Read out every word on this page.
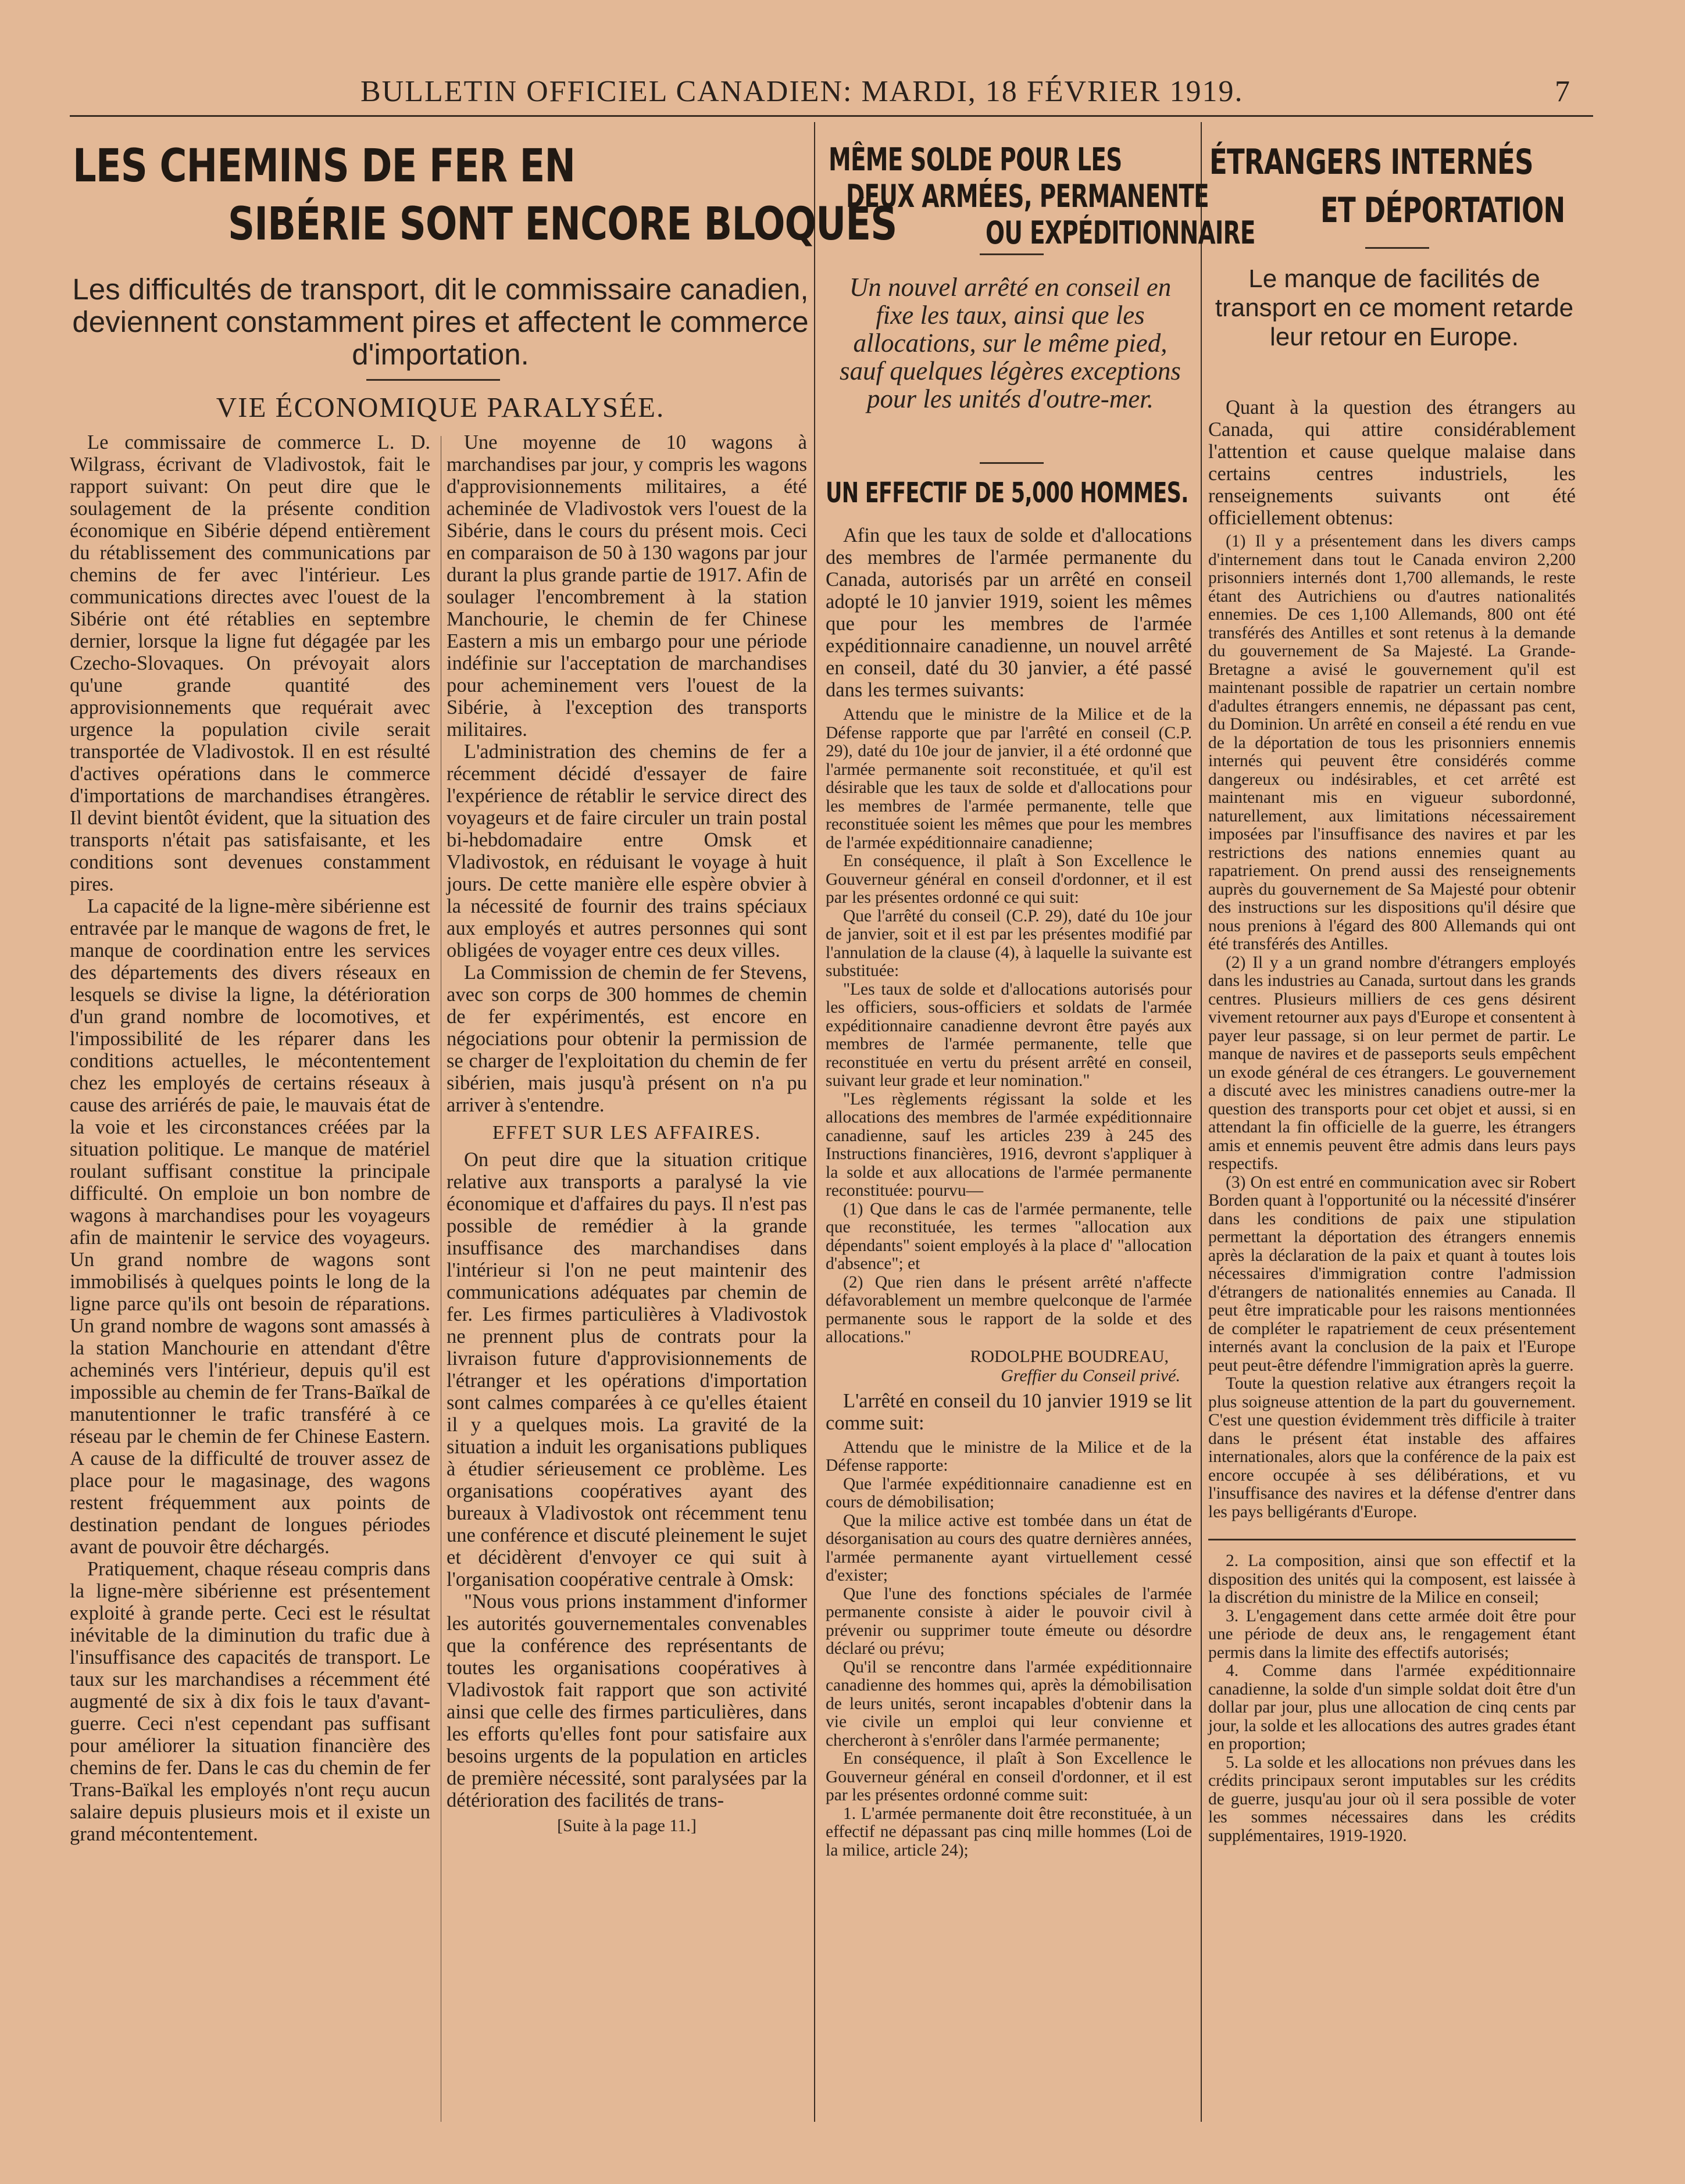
BULLETIN OFFICIEL CANADIEN: MARDI, 18 FÉVRIER 1919.	7
LES CHEMINS DE FER EN
SIBÉRIE SONT ENCORE BLOQUÉS
Les difficultés de transport, dit le commissaire canadien, deviennent constamment pires et affectent le commerce d'importation.
VIE ÉCONOMIQUE PARALYSÉE.

Le commissaire de commerce L. D. Wilgrass, écrivant de Vladivostok, fait le rapport suivant: On peut dire que le soulagement de la présente condition économique en Sibérie dépend entièrement du rétablissement des communications par chemins de fer avec l'intérieur. Les communications directes avec l'ouest de la Sibérie ont été rétablies en septembre dernier, lorsque la ligne fut dégagée par les Czecho-Slovaques. On prévoyait alors qu'une grande quantité des approvisionnements que requérait avec urgence la population civile serait transportée de Vladivostok. Il en est résulté d'actives opérations dans le commerce d'importations de marchandises étrangères. Il devint bientôt évident, que la situation des transports n'était pas satisfaisante, et les conditions sont devenues constamment pires.

La capacité de la ligne-mère sibérienne est entravée par le manque de wagons de fret, le manque de coordination entre les services des départements des divers réseaux en lesquels se divise la ligne, la détérioration d'un grand nombre de locomotives, et l'impossibilité de les réparer dans les conditions actuelles, le mécontentement chez les employés de certains réseaux à cause des arriérés de paie, le mauvais état de la voie et les circonstances créées par la situation politique. Le manque de matériel roulant suffisant constitue la principale difficulté. On emploie un bon nombre de wagons à marchandises pour les voyageurs afin de maintenir le service des voyageurs. Un grand nombre de wagons sont immobilisés à quelques points le long de la ligne parce qu'ils ont besoin de réparations. Un grand nombre de wagons sont amassés à la station Manchourie en attendant d'être acheminés vers l'intérieur, depuis qu'il est impossible au chemin de fer Trans-Baïkal de manutentionner le trafic transféré à ce réseau par le chemin de fer Chinese Eastern. A cause de la difficulté de trouver assez de place pour le magasinage, des wagons restent fréquemment aux points de destination pendant de longues périodes avant de pouvoir être déchargés.

Pratiquement, chaque réseau compris dans la ligne-mère sibérienne est présentement exploité à grande perte. Ceci est le résultat inévitable de la diminution du trafic due à l'insuffisance des capacités de transport. Le taux sur les marchandises a récemment été augmenté de six à dix fois le taux d'avant-guerre. Ceci n'est cependant pas suffisant pour améliorer la situation financière des chemins de fer. Dans le cas du chemin de fer Trans-Baïkal les employés n'ont reçu aucun salaire depuis plusieurs mois et il existe un grand mécontentement.

Une moyenne de 10 wagons à marchandises par jour, y compris les wagons d'approvisionnements militaires, a été acheminée de Vladivostok vers l'ouest de la Sibérie, dans le cours du présent mois. Ceci en comparaison de 50 à 130 wagons par jour durant la plus grande partie de 1917. Afin de soulager l'encombrement à la station Manchourie, le chemin de fer Chinese Eastern a mis un embargo pour une période indéfinie sur l'acceptation de marchandises pour acheminement vers l'ouest de la Sibérie, à l'exception des transports militaires.

L'administration des chemins de fer a récemment décidé d'essayer de faire l'expérience de rétablir le service direct des voyageurs et de faire circuler un train postal bi-hebdomadaire entre Omsk et Vladivostok, en réduisant le voyage à huit jours. De cette manière elle espère obvier à la nécessité de fournir des trains spéciaux aux employés et autres personnes qui sont obligées de voyager entre ces deux villes.

La Commission de chemin de fer Stevens, avec son corps de 300 hommes de chemin de fer expérimentés, est encore en négociations pour obtenir la permission de se charger de l'exploitation du chemin de fer sibérien, mais jusqu'à présent on n'a pu arriver à s'entendre.

EFFET SUR LES AFFAIRES.

On peut dire que la situation critique relative aux transports a paralysé la vie économique et d'affaires du pays. Il n'est pas possible de remédier à la grande insuffisance des marchandises dans l'intérieur si l'on ne peut maintenir des communications adéquates par chemin de fer. Les firmes particulières à Vladivostok ne prennent plus de contrats pour la livraison future d'approvisionnements de l'étranger et les opérations d'importation sont calmes comparées à ce qu'elles étaient il y a quelques mois. La gravité de la situation a induit les organisations publiques à étudier sérieusement ce problème. Les organisations coopératives ayant des bureaux à Vladivostok ont récemment tenu une conférence et discuté pleinement le sujet et décidèrent d'envoyer ce qui suit à l'organisation coopérative centrale à Omsk:

"Nous vous prions instamment d'informer les autorités gouvernementales convenables que la conférence des représentants de toutes les organisations coopératives à Vladivostok fait rapport que son activité ainsi que celle des firmes particulières, dans les efforts qu'elles font pour satisfaire aux besoins urgents de la population en articles de première nécessité, sont paralysées par la détérioration des facilités de trans-

[Suite à la page 11.]
MÊME SOLDE POUR LES
DEUX ARMÉES, PERMANENTE
OU EXPÉDITIONNAIRE
Un nouvel arrêté en conseil en fixe les taux, ainsi que les allocations, sur le même pied, sauf quelques légères exceptions pour les unités d'outre-mer.
UN EFFECTIF DE 5,000 HOMMES.

Afin que les taux de solde et d'allocations des membres de l'armée permanente du Canada, autorisés par un arrêté en conseil adopté le 10 janvier 1919, soient les mêmes que pour les membres de l'armée expéditionnaire canadienne, un nouvel arrêté en conseil, daté du 30 janvier, a été passé dans les termes suivants:

Attendu que le ministre de la Milice et de la Défense rapporte que par l'arrêté en conseil (C.P. 29), daté du 10e jour de janvier, il a été ordonné que l'armée permanente soit reconstituée, et qu'il est désirable que les taux de solde et d'allocations pour les membres de l'armée permanente, telle que reconstituée soient les mêmes que pour les membres de l'armée expéditionnaire canadienne;

En conséquence, il plaît à Son Excellence le Gouverneur général en conseil d'ordonner, et il est par les présentes ordonné ce qui suit:

Que l'arrêté du conseil (C.P. 29), daté du 10e jour de janvier, soit et il est par les présentes modifié par l'annulation de la clause (4), à laquelle la suivante est substituée:

"Les taux de solde et d'allocations autorisés pour les officiers, sous-officiers et soldats de l'armée expéditionnaire canadienne devront être payés aux membres de l'armée permanente, telle que reconstituée en vertu du présent arrêté en conseil, suivant leur grade et leur nomination."

"Les règlements régissant la solde et les allocations des membres de l'armée expéditionnaire canadienne, sauf les articles 239 à 245 des Instructions financières, 1916, devront s'appliquer à la solde et aux allocations de l'armée permanente reconstituée: pourvu—

(1) Que dans le cas de l'armée permanente, telle que reconstituée, les termes "allocation aux dépendants" soient employés à la place d' "allocation d'absence"; et

(2) Que rien dans le présent arrêté n'affecte défavorablement un membre quelconque de l'armée permanente sous le rapport de la solde et des allocations."

RODOLPHE BOUDREAU,
Greffier du Conseil privé.

L'arrêté en conseil du 10 janvier 1919 se lit comme suit:

Attendu que le ministre de la Milice et de la Défense rapporte:

Que l'armée expéditionnaire canadienne est en cours de démobilisation;

Que la milice active est tombée dans un état de désorganisation au cours des quatre dernières années, l'armée permanente ayant virtuellement cessé d'exister;

Que l'une des fonctions spéciales de l'armée permanente consiste à aider le pouvoir civil à prévenir ou supprimer toute émeute ou désordre déclaré ou prévu;

Qu'il se rencontre dans l'armée expéditionnaire canadienne des hommes qui, après la démobilisation de leurs unités, seront incapables d'obtenir dans la vie civile un emploi qui leur convienne et chercheront à s'enrôler dans l'armée permanente;

En conséquence, il plaît à Son Excellence le Gouverneur général en conseil d'ordonner, et il est par les présentes ordonné comme suit:

1. L'armée permanente doit être reconstituée, à un effectif ne dépassant pas cinq mille hommes (Loi de la milice, article 24);

ÉTRANGERS INTERNÉS
ET DÉPORTATION
Le manque de facilités de transport en ce moment retarde leur retour en Europe.

Quant à la question des étrangers au Canada, qui attire considérablement l'attention et cause quelque malaise dans certains centres industriels, les renseignements suivants ont été officiellement obtenus:

(1) Il y a présentement dans les divers camps d'internement dans tout le Canada environ 2,200 prisonniers internés dont 1,700 allemands, le reste étant des Autrichiens ou d'autres nationalités ennemies. De ces 1,100 Allemands, 800 ont été transférés des Antilles et sont retenus à la demande du gouvernement de Sa Majesté. La Grande-Bretagne a avisé le gouvernement qu'il est maintenant possible de rapatrier un certain nombre d'adultes étrangers ennemis, ne dépassant pas cent, du Dominion. Un arrêté en conseil a été rendu en vue de la déportation de tous les prisonniers ennemis internés qui peuvent être considérés comme dangereux ou indésirables, et cet arrêté est maintenant mis en vigueur subordonné, naturellement, aux limitations nécessairement imposées par l'insuffisance des navires et par les restrictions des nations ennemies quant au rapatriement. On prend aussi des renseignements auprès du gouvernement de Sa Majesté pour obtenir des instructions sur les dispositions qu'il désire que nous prenions à l'égard des 800 Allemands qui ont été transférés des Antilles.

(2) Il y a un grand nombre d'étrangers employés dans les industries au Canada, surtout dans les grands centres. Plusieurs milliers de ces gens désirent vivement retourner aux pays d'Europe et consentent à payer leur passage, si on leur permet de partir. Le manque de navires et de passeports seuls empêchent un exode général de ces étrangers. Le gouvernement a discuté avec les ministres canadiens outre-mer la question des transports pour cet objet et aussi, si en attendant la fin officielle de la guerre, les étrangers amis et ennemis peuvent être admis dans leurs pays respectifs.

(3) On est entré en communication avec sir Robert Borden quant à l'opportunité ou la nécessité d'insérer dans les conditions de paix une stipulation permettant la déportation des étrangers ennemis après la déclaration de la paix et quant à toutes lois nécessaires d'immigration contre l'admission d'étrangers de nationalités ennemies au Canada. Il peut être impraticable pour les raisons mentionnées de compléter le rapatriement de ceux présentement internés avant la conclusion de la paix et l'Europe peut peut-être défendre l'immigration après la guerre.

Toute la question relative aux étrangers reçoit la plus soigneuse attention de la part du gouvernement. C'est une question évidemment très difficile à traiter dans le présent état instable des affaires internationales, alors que la conférence de la paix est encore occupée à ses délibérations, et vu l'insuffisance des navires et la défense d'entrer dans les pays belligérants d'Europe.

2. La composition, ainsi que son effectif et la disposition des unités qui la composent, est laissée à la discrétion du ministre de la Milice en conseil;

3. L'engagement dans cette armée doit être pour une période de deux ans, le rengagement étant permis dans la limite des effectifs autorisés;

4. Comme dans l'armée expéditionnaire canadienne, la solde d'un simple soldat doit être d'un dollar par jour, plus une allocation de cinq cents par jour, la solde et les allocations des autres grades étant en proportion;

5. La solde et les allocations non prévues dans les crédits principaux seront imputables sur les crédits de guerre, jusqu'au jour où il sera possible de voter les sommes nécessaires dans les crédits supplémentaires, 1919-1920.
